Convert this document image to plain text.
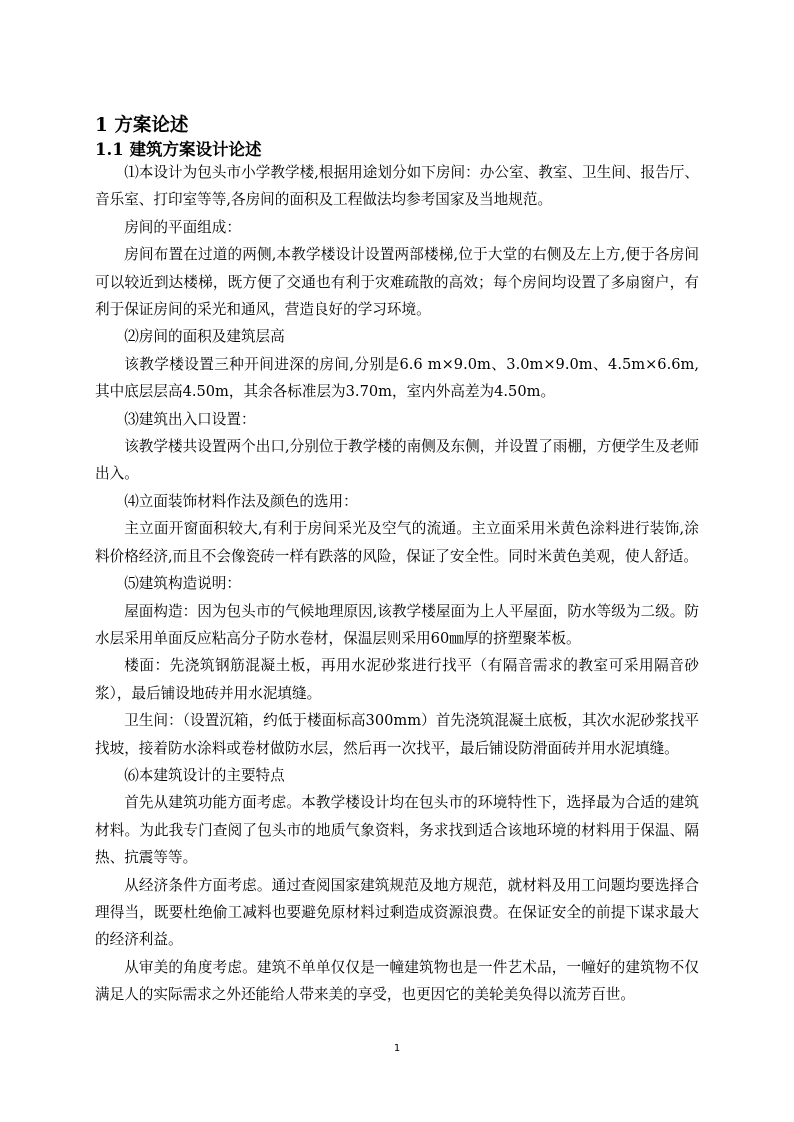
1 方案论述
1.1 建筑方案设计论述

⑴本设计为包头市小学教学楼,根据用途划分如下房间：办公室、教室、卫生间、报告厅、音乐室、打印室等等,各房间的面积及工程做法均参考国家及当地规范。

房间的平面组成：

房间布置在过道的两侧,本教学楼设计设置两部楼梯,位于大堂的右侧及左上方,便于各房间可以较近到达楼梯，既方便了交通也有利于灾难疏散的高效；每个房间均设置了多扇窗户，有利于保证房间的采光和通风，营造良好的学习环境。

⑵房间的面积及建筑层高

该教学楼设置三种开间进深的房间,分别是6.6 m×9.0m、3.0m×9.0m、4.5m×6.6m,其中底层层高4.50m，其余各标准层为3.70m，室内外高差为4.50m。

⑶建筑出入口设置：

该教学楼共设置两个出口,分别位于教学楼的南侧及东侧，并设置了雨棚，方便学生及老师出入。

⑷立面装饰材料作法及颜色的选用：

主立面开窗面积较大,有利于房间采光及空气的流通。主立面采用米黄色涂料进行装饰,涂料价格经济,而且不会像瓷砖一样有跌落的风险，保证了安全性。同时米黄色美观，使人舒适。

⑸建筑构造说明：

屋面构造：因为包头市的气候地理原因,该教学楼屋面为上人平屋面，防水等级为二级。防水层采用单面反应粘高分子防水卷材，保温层则采用60㎜厚的挤塑聚苯板。

楼面：先浇筑钢筋混凝土板，再用水泥砂浆进行找平（有隔音需求的教室可采用隔音砂浆），最后铺设地砖并用水泥填缝。

卫生间：（设置沉箱，约低于楼面标高300mm）首先浇筑混凝土底板，其次水泥砂浆找平找坡，接着防水涂料或卷材做防水层，然后再一次找平，最后铺设防滑面砖并用水泥填缝。

⑹本建筑设计的主要特点

首先从建筑功能方面考虑。本教学楼设计均在包头市的环境特性下，选择最为合适的建筑材料。为此我专门查阅了包头市的地质气象资料，务求找到适合该地环境的材料用于保温、隔热、抗震等等。

从经济条件方面考虑。通过查阅国家建筑规范及地方规范，就材料及用工问题均要选择合理得当，既要杜绝偷工减料也要避免原材料过剩造成资源浪费。在保证安全的前提下谋求最大的经济利益。

从审美的角度考虑。建筑不单单仅仅是一幢建筑物也是一件艺术品，一幢好的建筑物不仅满足人的实际需求之外还能给人带来美的享受，也更因它的美轮美奂得以流芳百世。

1
